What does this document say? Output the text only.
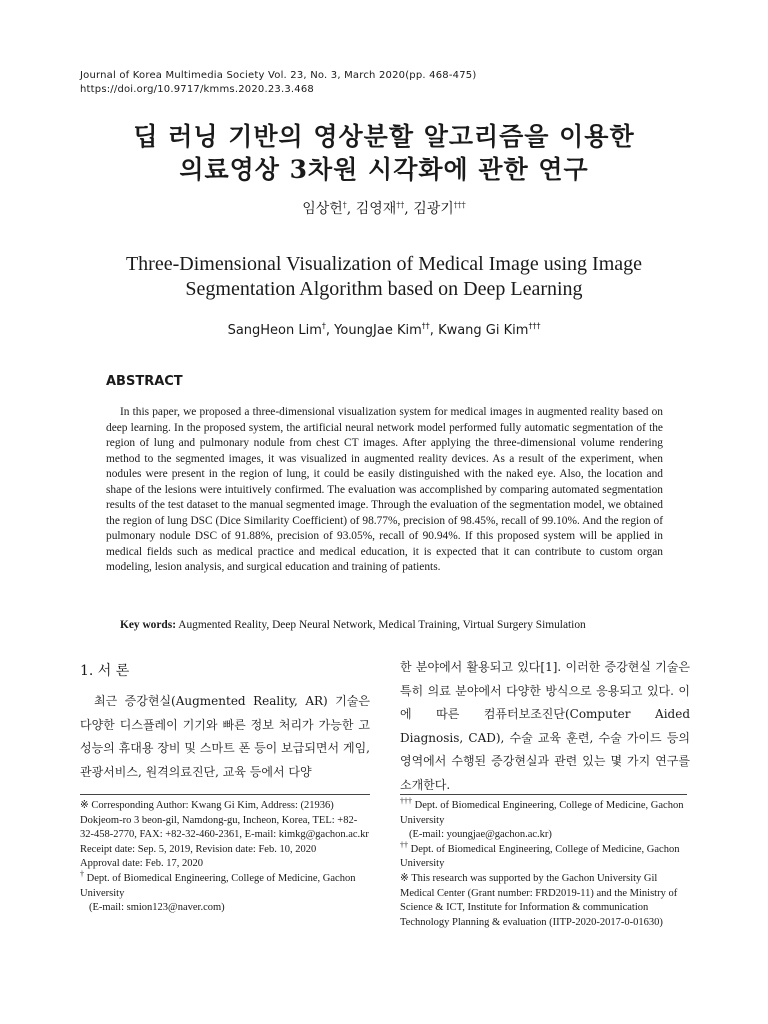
Journal of Korea Multimedia Society Vol. 23, No. 3, March 2020(pp. 468-475)
https://doi.org/10.9717/kmms.2020.23.3.468
딥 러닝 기반의 영상분할 알고리즘을 이용한
의료영상 3차원 시각화에 관한 연구
임상헌†, 김영재††, 김광기†††
Three-Dimensional Visualization of Medical Image using Image
Segmentation Algorithm based on Deep Learning
SangHeon Lim†, YoungJae Kim††, Kwang Gi Kim†††
ABSTRACT

In this paper, we proposed a three-dimensional visualization system for medical images in augmented reality based on deep learning. In the proposed system, the artificial neural network model performed fully automatic segmentation of the region of lung and pulmonary nodule from chest CT images. After applying the three-dimensional volume rendering method to the segmented images, it was visualized in augmented reality devices. As a result of the experiment, when nodules were present in the region of lung, it could be easily distinguished with the naked eye. Also, the location and shape of the lesions were intuitively confirmed. The evaluation was accomplished by comparing automated segmentation results of the test dataset to the manual segmented image. Through the evaluation of the segmentation model, we obtained the region of lung DSC (Dice Similarity Coefficient) of 98.77%, precision of 98.45%, recall of 99.10%. And the region of pulmonary nodule DSC of 91.88%, precision of 93.05%, recall of 90.94%. If this proposed system will be applied in medical fields such as medical practice and medical education, it is expected that it can contribute to custom organ modeling, lesion analysis, and surgical education and training of patients.

Key words: Augmented Reality, Deep Neural Network, Medical Training, Virtual Surgery Simulation
1. 서 론

최근 증강현실(Augmented Reality, AR) 기술은 다양한 디스플레이 기기와 빠른 정보 처리가 가능한 고성능의 휴대용 장비 및 스마트 폰 등이 보급되면서 게임, 관광서비스, 원격의료진단, 교육 등에서 다양

한 분야에서 활용되고 있다[1]. 이러한 증강현실 기술은 특히 의료 분야에서 다양한 방식으로 응용되고 있다. 이에 따른 컴퓨터보조진단(Computer Aided Diagnosis, CAD), 수술 교육 훈련, 수술 가이드 등의 영역에서 수행된 증강현실과 관련 있는 몇 가지 연구를 소개한다.

※ Corresponding Author: Kwang Gi Kim, Address: (21936) Dokjeom-ro 3 beon-gil, Namdong-gu, Incheon, Korea, TEL: +82-32-458-2770, FAX: +82-32-460-2361, E-mail: kimkg@gachon.ac.kr

Receipt date: Sep. 5, 2019, Revision date: Feb. 10, 2020

Approval date: Feb. 17, 2020

† Dept. of Biomedical Engineering, College of Medicine, Gachon University

(E-mail: smion123@naver.com)

††† Dept. of Biomedical Engineering, College of Medicine, Gachon University

(E-mail: youngjae@gachon.ac.kr)

†† Dept. of Biomedical Engineering, College of Medicine, Gachon University

※ This research was supported by the Gachon University Gil Medical Center (Grant number: FRD2019-11) and the Ministry of Science & ICT, Institute for Information & communication Technology Planning & evaluation (IITP-2020-2017-0-01630)
